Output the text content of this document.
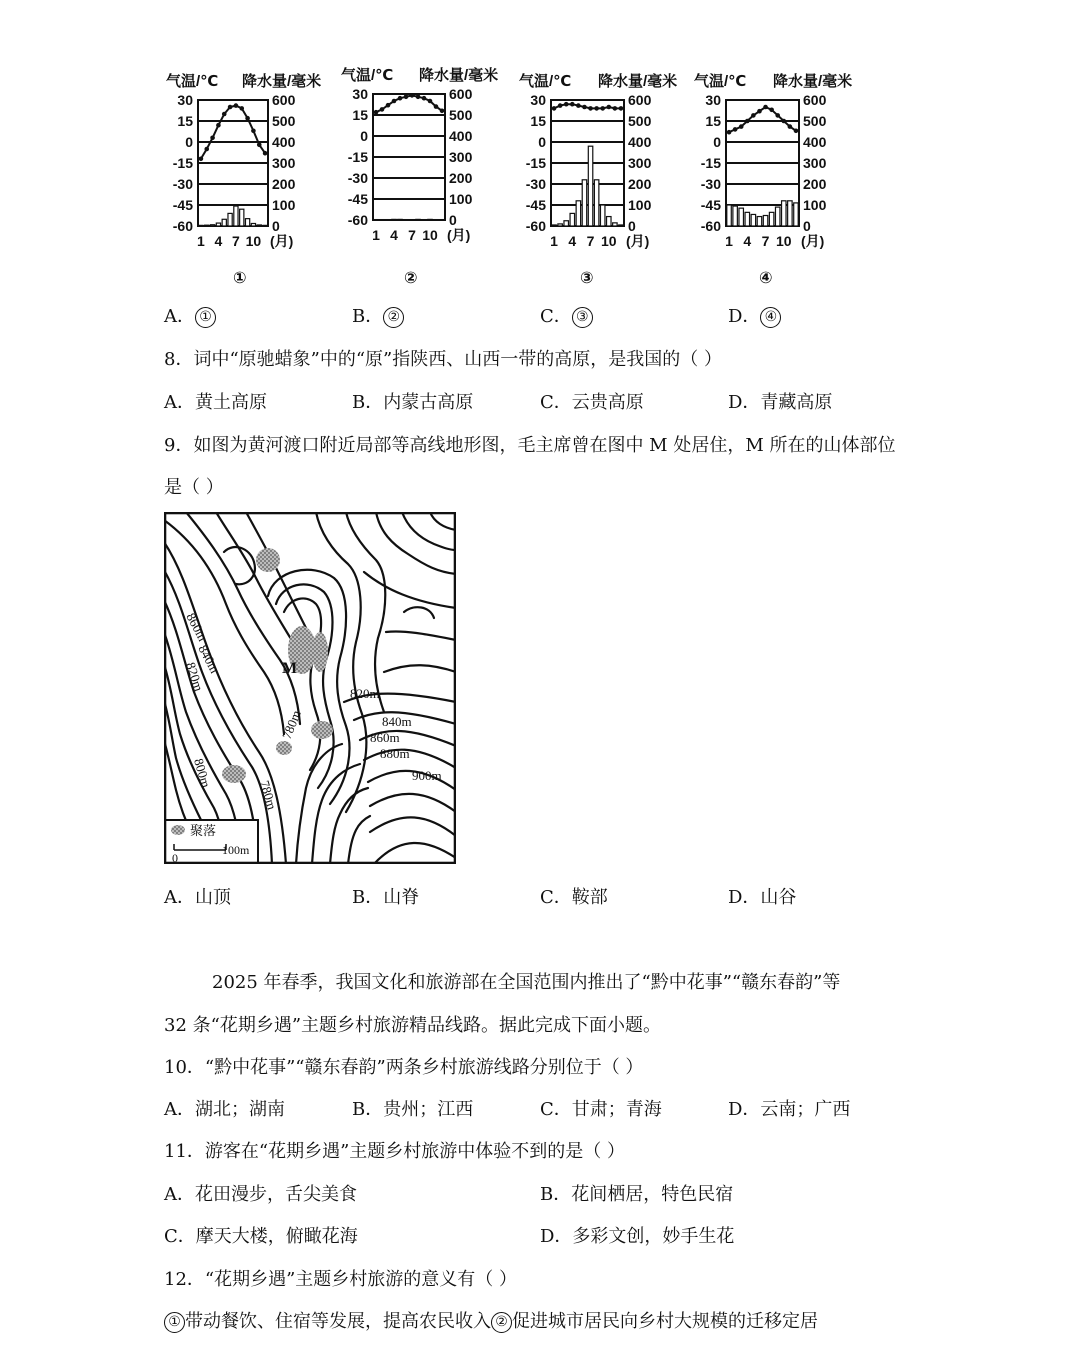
气温/℃ 降水量/毫米
30
15
0
-15
-30
-45
-60
600
500
400
300
200
100
0
1 4 7 10 (月)
气温/℃ 降水量/毫米
30
15
0
-15
-30
-45
-60
600
500
400
300
200
100
0
1 4 7 10 (月)
气温/℃ 降水量/毫米
30
15
0
-15
-30
-45
-60
600
500
400
300
200
100
0
1 4 7 10 (月)
气温/℃ 降水量/毫米
30
15
0
-15
-30
-45
-60
600
500
400
300
200
100
0
1 4 7 10 (月)
①	②	③	④
A． ①	B． ②	C． ③	D． ④
8．词中“原驰蜡象”中的“原”指陕西、山西一带的高原，是我国的（ ）
A．黄土高原	B．内蒙古高原	C．云贵高原	D．青藏高原
9．如图为黄河渡口附近局部等高线地形图，毛主席曾在图中 M 处居住，M 所在的山体部位
是（ ）
M
860m
840m
820m
820m
780m	840m
860m
880m
900m
800m
780m
聚落
0
100m
A．山顶	B．山脊	C．鞍部	D．山谷
2025 年春季，我国文化和旅游部在全国范围内推出了“黔中花事”“赣东春韵”等
32 条“花期乡遇”主题乡村旅游精品线路。据此完成下面小题。
10．“黔中花事”“赣东春韵”两条乡村旅游线路分别位于（ ）
A．湖北；湖南	B．贵州；江西	C．甘肃；青海	D．云南；广西
11．游客在“花期乡遇”主题乡村旅游中体验不到的是（ ）
A．花田漫步，舌尖美食	B．花间栖居，特色民宿
C．摩天大楼，俯瞰花海	D．多彩文创，妙手生花
12．“花期乡遇”主题乡村旅游的意义有（ ）
① 带动餐饮、住宿等发展，提高农民收入 ② 促进城市居民向乡村大规模的迁移定居
